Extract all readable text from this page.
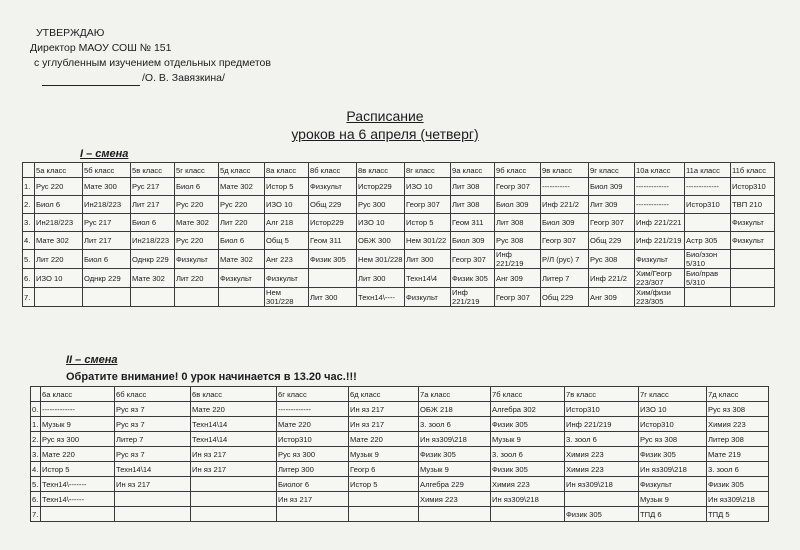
УТВЕРЖДАЮ
Директор МАОУ СОШ № 151
с углубленным изучением отдельных предметов
/О. В. Завязкина/
Расписание
уроков на 6 апреля (четверг)
I – смена
	5а класс	5б класс	5в класс	5г класс	5д класс	8а класс	8б класс	8в класс	8г класс	9а класс	9б класс	9в класс	9г класс	10а класс	11а класс	11б класс
1.	Рус 220	Мате 300	Рус 217	Биол 6	Мате 302	Истор 5	Физкульт	Истор229	ИЗО 10	Лит 308	Геогр 307	-----------	Биол 309	-------------	-------------	Истор310
2.	Биол 6	Ин218/223	Лит 217	Рус 220	Рус 220	ИЗО 10	Общ 229	Рус 300	Геогр 307	Лит 308	Биол 309	Инф 221/2	Лит 309	-------------	Истор310	ТВП 210
3.	Ин218/223	Рус 217	Биол 6	Мате 302	Лит 220	Алг 218	Истор229	ИЗО 10	Истор 5	Геом 311	Лит 308	Биол 309	Геогр 307	Инф 221/221		Физкульт
4.	Мате 302	Лит 217	Ин218/223	Рус 220	Биол 6	Общ 5	Геом 311	ОБЖ 300	Нем 301/22	Биол 309	Рус 308	Геогр 307	Общ 229	Инф 221/219	Астр 305	Физкульт
5.	Лит 220	Биол 6	Однкр 229	Физкульт	Мате 302	Анг 223	Физик 305	Нем 301/228	Лит 300	Геогр 307	Инф 221/219	Р/Л (рус) 7	Рус 308	Физкульт	Био/эзон 5/310	
6.	ИЗО 10	Однкр 229	Мате 302	Лит 220	Физкульт	Физкульт		Лит 300	Техн14\4	Физик 305	Анг 309	Литер 7	Инф 221/2	Хим/Геогр 223/307	Био/прав 5/310	
7.						Нем 301/228	Лит 300	Техн14\----	Физкульт	Инф 221/219	Геогр 307	Общ 229	Анг 309	Хим/физи 223/305		
II – смена
Обратите внимание! 0 урок начинается в 13.20 час.!!!
	6а класс	6б класс	6в класс	6г класс	6д класс	7а класс	7б класс	7в класс	7г класс	7д класс
0.	-------------	Рус яз 7	Мате 220	-------------	Ин яз 217	ОБЖ 218	Алгебра 302	Истор310	ИЗО 10	Рус яз 308
1.	Музык 9	Рус яз 7	Техн14\14	Мате 220	Ин яз 217	3. зоол 6	Физик 305	Инф 221/219	Истор310	Химия 223
2.	Рус яз 300	Литер 7	Техн14\14	Истор310	Мате 220	Ин яз309\218	Музык 9	3. зоол 6	Рус яз 308	Литер 308
3.	Мате 220	Рус яз 7	Ин яз 217	Рус яз 300	Музык 9	Физик 305	3. зоол 6	Химия 223	Физик 305	Мате 219
4.	Истор 5	Техн14\14	Ин яз 217	Литер 300	Геогр 6	Музык 9	Физик 305	Химия 223	Ин яз309\218	3. зоол 6
5.	Техн14\-------	Ин яз 217		Биолог 6	Истор 5	Алгебра 229	Химия 223	Ин яз309\218	Физкульт	Физик 305
6.	Техн14\------			Ин яз 217		Химия 223	Ин яз309\218		Музык 9	Ин яз309\218
7.								Физик 305	ТПД 6	ТПД 5
